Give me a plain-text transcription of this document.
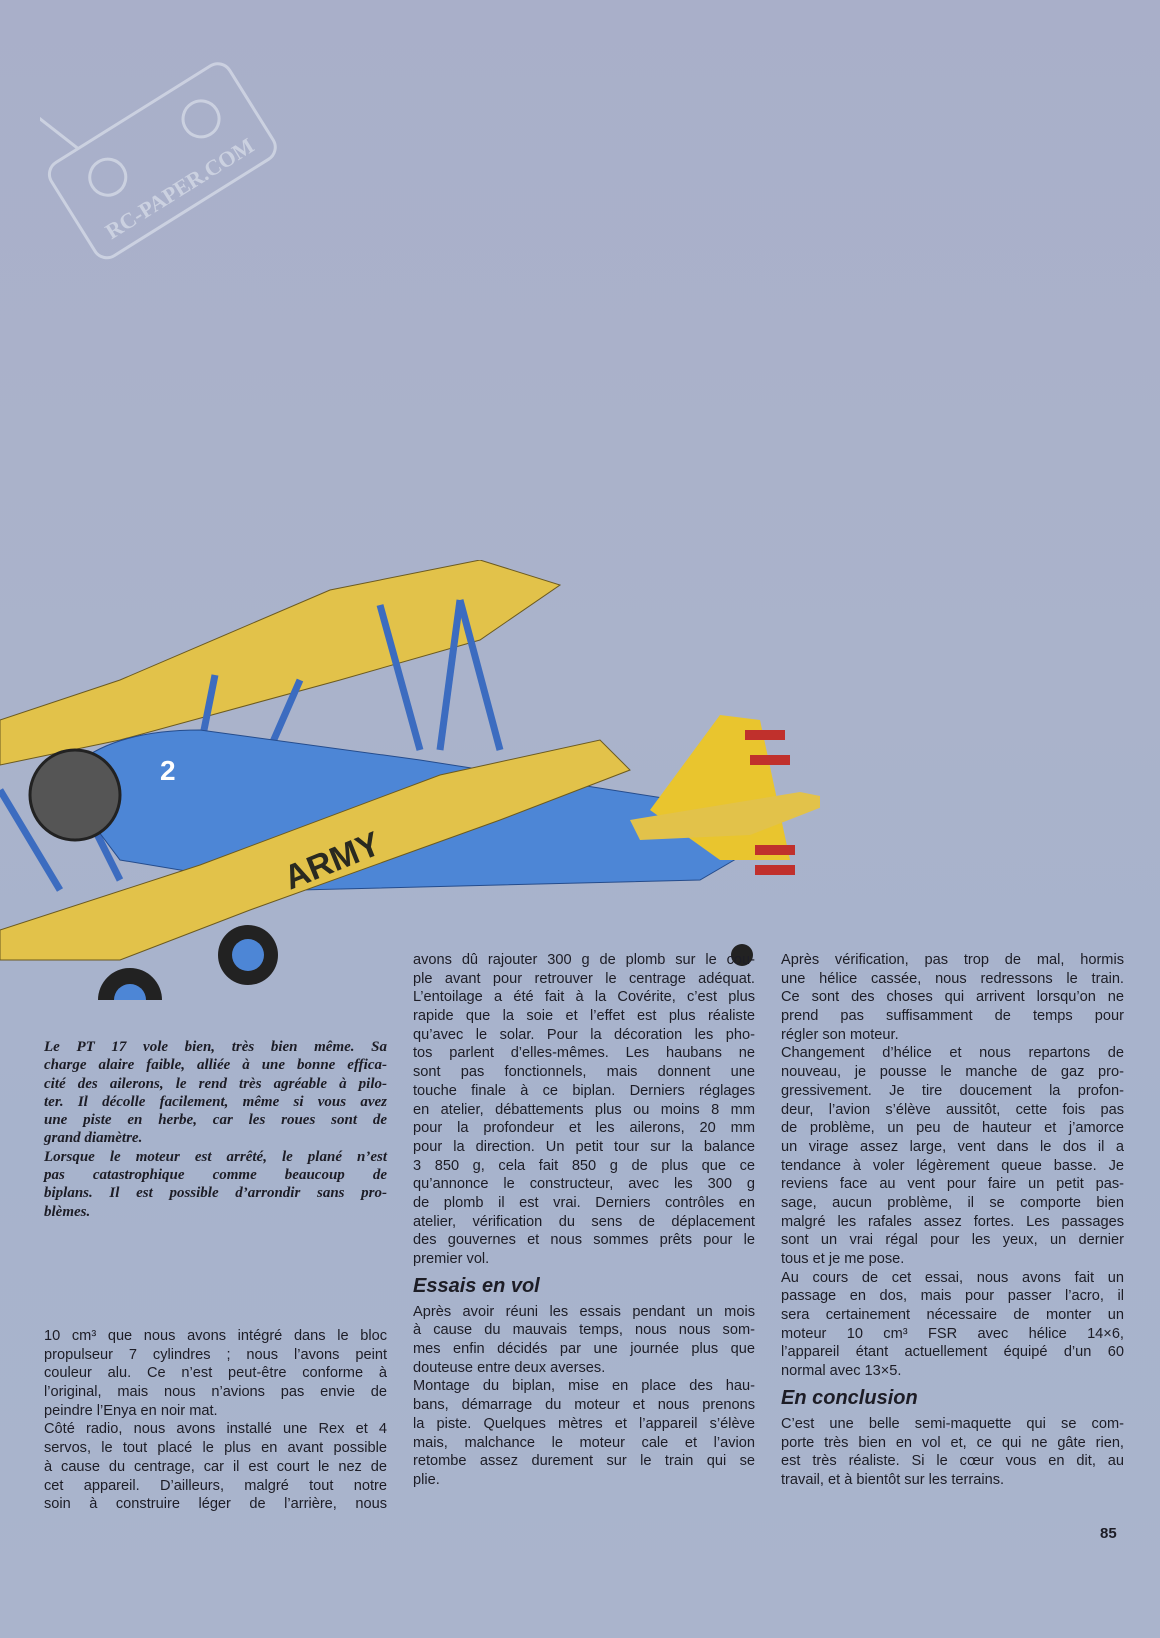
RC-PAPER.COM
2
ARMY
Le PT 17 vole bien, très bien même. Sa
charge alaire faible, alliée à une bonne effica-
cité des ailerons, le rend très agréable à pilo-
ter. Il décolle facilement, même si vous avez
une piste en herbe, car les roues sont de
grand diamètre.
Lorsque le moteur est arrêté, le plané n’est
pas catastrophique comme beaucoup de
biplans. Il est possible d’arrondir sans pro-
blèmes.
10 cm³ que nous avons intégré dans le bloc
propulseur 7 cylindres ; nous l’avons peint
couleur alu. Ce n’est peut-être conforme à
l’original, mais nous n’avions pas envie de
peindre l’Enya en noir mat.
Côté radio, nous avons installé une Rex et 4
servos, le tout placé le plus en avant possible
à cause du centrage, car il est court le nez de
cet appareil. D’ailleurs, malgré tout notre
soin à construire léger de l’arrière, nous
avons dû rajouter 300 g de plomb sur le cou-
ple avant pour retrouver le centrage adéquat.
L’entoilage a été fait à la Covérite, c’est plus
rapide que la soie et l’effet est plus réaliste
qu’avec le solar. Pour la décoration les pho-
tos parlent d’elles-mêmes. Les haubans ne
sont pas fonctionnels, mais donnent une
touche finale à ce biplan. Derniers réglages
en atelier, débattements plus ou moins 8 mm
pour la profondeur et les ailerons, 20 mm
pour la direction. Un petit tour sur la balance
3 850 g, cela fait 850 g de plus que ce
qu’annonce le constructeur, avec les 300 g
de plomb il est vrai. Derniers contrôles en
atelier, vérification du sens de déplacement
des gouvernes et nous sommes prêts pour le
premier vol.
Essais en vol
Après avoir réuni les essais pendant un mois
à cause du mauvais temps, nous nous som-
mes enfin décidés par une journée plus que
douteuse entre deux averses.
Montage du biplan, mise en place des hau-
bans, démarrage du moteur et nous prenons
la piste. Quelques mètres et l’appareil s’élève
mais, malchance le moteur cale et l’avion
retombe assez durement sur le train qui se
plie.
Après vérification, pas trop de mal, hormis
une hélice cassée, nous redressons le train.
Ce sont des choses qui arrivent lorsqu’on ne
prend pas suffisamment de temps pour
régler son moteur.
Changement d’hélice et nous repartons de
nouveau, je pousse le manche de gaz pro-
gressivement. Je tire doucement la profon-
deur, l’avion s’élève aussitôt, cette fois pas
de problème, un peu de hauteur et j’amorce
un virage assez large, vent dans le dos il a
tendance à voler légèrement queue basse. Je
reviens face au vent pour faire un petit pas-
sage, aucun problème, il se comporte bien
malgré les rafales assez fortes. Les passages
sont un vrai régal pour les yeux, un dernier
tous et je me pose.
Au cours de cet essai, nous avons fait un
passage en dos, mais pour passer l’acro, il
sera certainement nécessaire de monter un
moteur 10 cm³ FSR avec hélice 14×6,
l’appareil étant actuellement équipé d’un 60
normal avec 13×5.
En conclusion
C’est une belle semi-maquette qui se com-
porte très bien en vol et, ce qui ne gâte rien,
est très réaliste. Si le cœur vous en dit, au
travail, et à bientôt sur les terrains.
85
